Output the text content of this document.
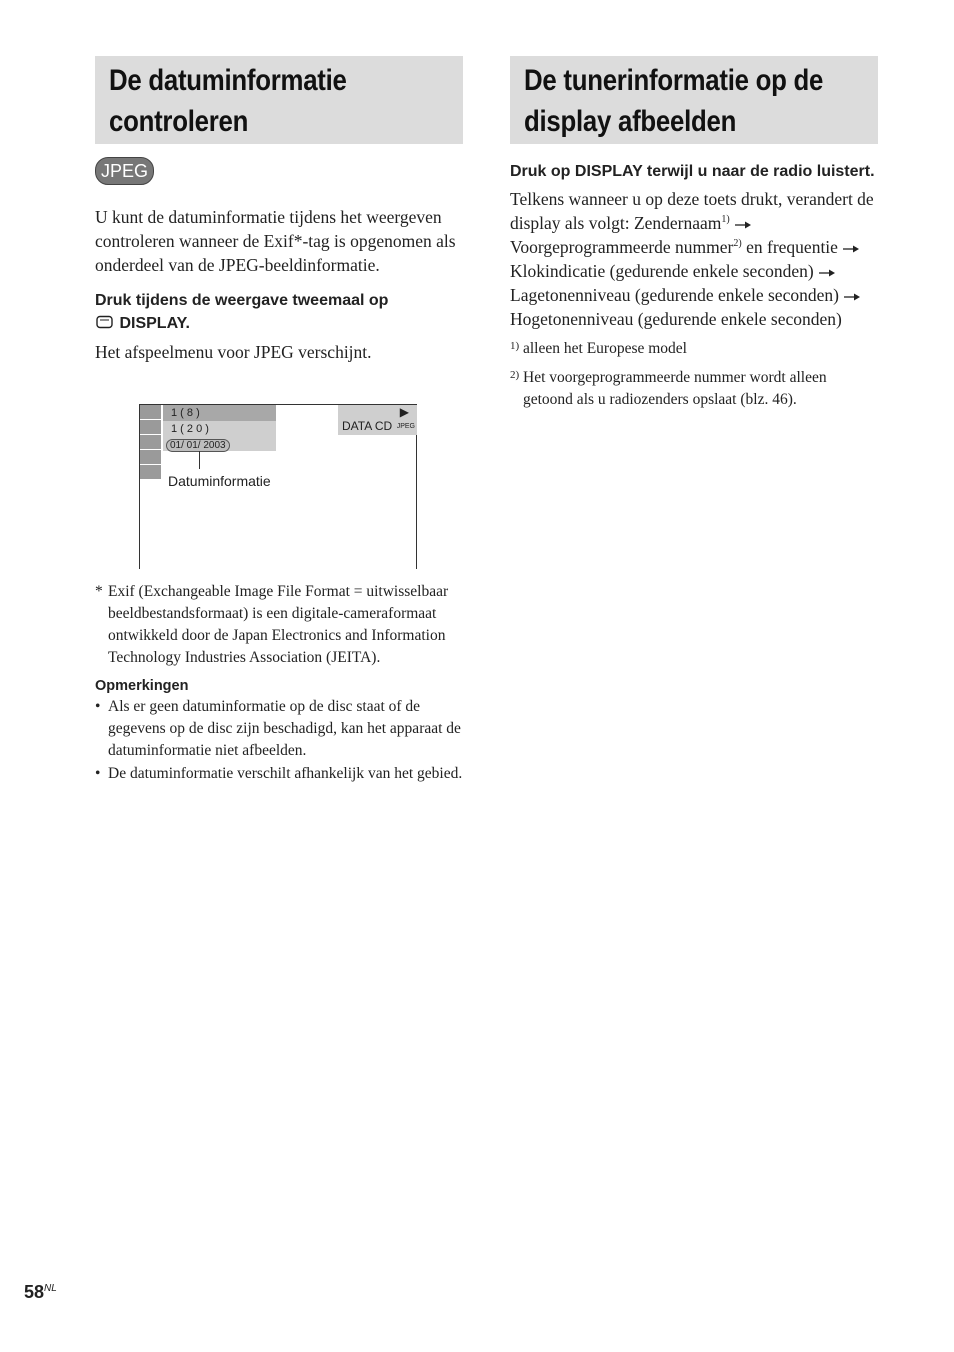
De datuminformatie
controleren
JPEG

U kunt de datuminformatie tijdens het weergeven controleren wanneer de Exif*-tag is opgenomen als onderdeel van de JPEG-beeldinformatie.

Druk tijdens de weergave tweemaal op

DISPLAY.

Het afspeelmenu voor JPEG verschijnt.

1 ( 8 )
1 ( 2 0 )
01/ 01/ 2003
▶
DATA CD JPEG
Datuminformatie
* Exif (Exchangeable Image File Format = uitwisselbaar beeldbestandsformaat) is een digitale-cameraformaat ontwikkeld door de Japan Electronics and Information Technology Industries Association (JEITA).
Opmerkingen
• Als er geen datuminformatie op de disc staat of de gegevens op de disc zijn beschadigd, kan het apparaat de datuminformatie niet afbeelden.
• De datuminformatie verschilt afhankelijk van het gebied.
De tunerinformatie op de
display afbeelden

Druk op DISPLAY terwijl u naar de radio luistert.

Telkens wanneer u op deze toets drukt, verandert de display als volgt: Zendernaam$^{1)}$  Voorgeprogrammeerde nummer$^{2)}$ en frequentie  Klokindicatie (gedurende enkele seconden)  Lagetonenniveau (gedurende enkele seconden)  Hogetonenniveau (gedurende enkele seconden)

1) alleen het Europese model
2) Het voorgeprogrammeerde nummer wordt alleen getoond als u radiozenders opslaat (blz. 46).
$58^{NL}$
